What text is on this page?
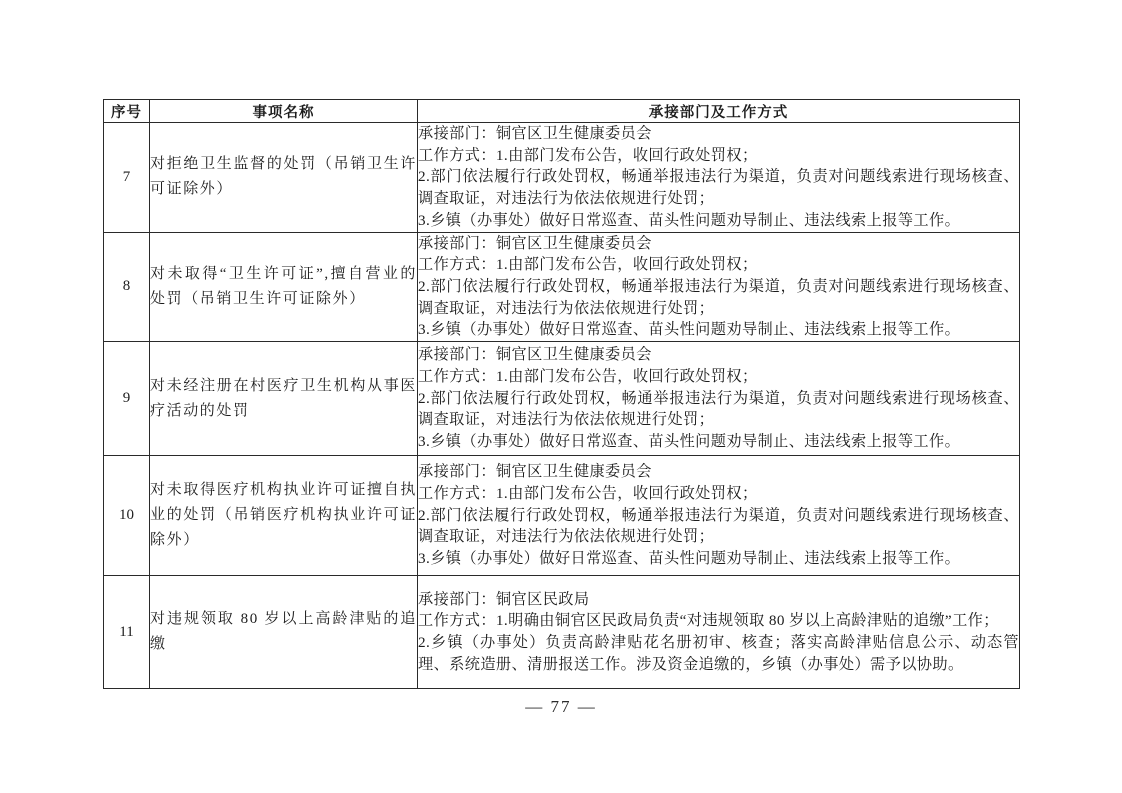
序号	事项名称	承接部门及工作方式
7	对拒绝卫生监督的处罚（吊销卫生许可证除外）	承接部门：铜官区卫生健康委员会

工作方式：1.由部门发布公告，收回行政处罚权；

2.部门依法履行行政处罚权，畅通举报违法行为渠道，负责对问题线索进行现场核查、调查取证，对违法行为依法依规进行处罚；

3.乡镇（办事处）做好日常巡查、苗头性问题劝导制止、违法线索上报等工作。

8	对未取得“卫生许可证”,擅自营业的处罚（吊销卫生许可证除外）	承接部门：铜官区卫生健康委员会

工作方式：1.由部门发布公告，收回行政处罚权；

2.部门依法履行行政处罚权，畅通举报违法行为渠道，负责对问题线索进行现场核查、调查取证，对违法行为依法依规进行处罚；

3.乡镇（办事处）做好日常巡查、苗头性问题劝导制止、违法线索上报等工作。

9	对未经注册在村医疗卫生机构从事医疗活动的处罚	承接部门：铜官区卫生健康委员会

工作方式：1.由部门发布公告，收回行政处罚权；

2.部门依法履行行政处罚权，畅通举报违法行为渠道，负责对问题线索进行现场核查、调查取证，对违法行为依法依规进行处罚；

3.乡镇（办事处）做好日常巡查、苗头性问题劝导制止、违法线索上报等工作。

10	对未取得医疗机构执业许可证擅自执业的处罚（吊销医疗机构执业许可证除外）	承接部门：铜官区卫生健康委员会

工作方式：1.由部门发布公告，收回行政处罚权；

2.部门依法履行行政处罚权，畅通举报违法行为渠道，负责对问题线索进行现场核查、调查取证，对违法行为依法依规进行处罚；

3.乡镇（办事处）做好日常巡查、苗头性问题劝导制止、违法线索上报等工作。

11	对违规领取 80 岁以上高龄津贴的追缴	承接部门：铜官区民政局

工作方式：1.明确由铜官区民政局负责“对违规领取 80 岁以上高龄津贴的追缴”工作；

2.乡镇（办事处）负责高龄津贴花名册初审、核查；落实高龄津贴信息公示、动态管理、系统造册、清册报送工作。涉及资金追缴的，乡镇（办事处）需予以协助。

— 77 —
